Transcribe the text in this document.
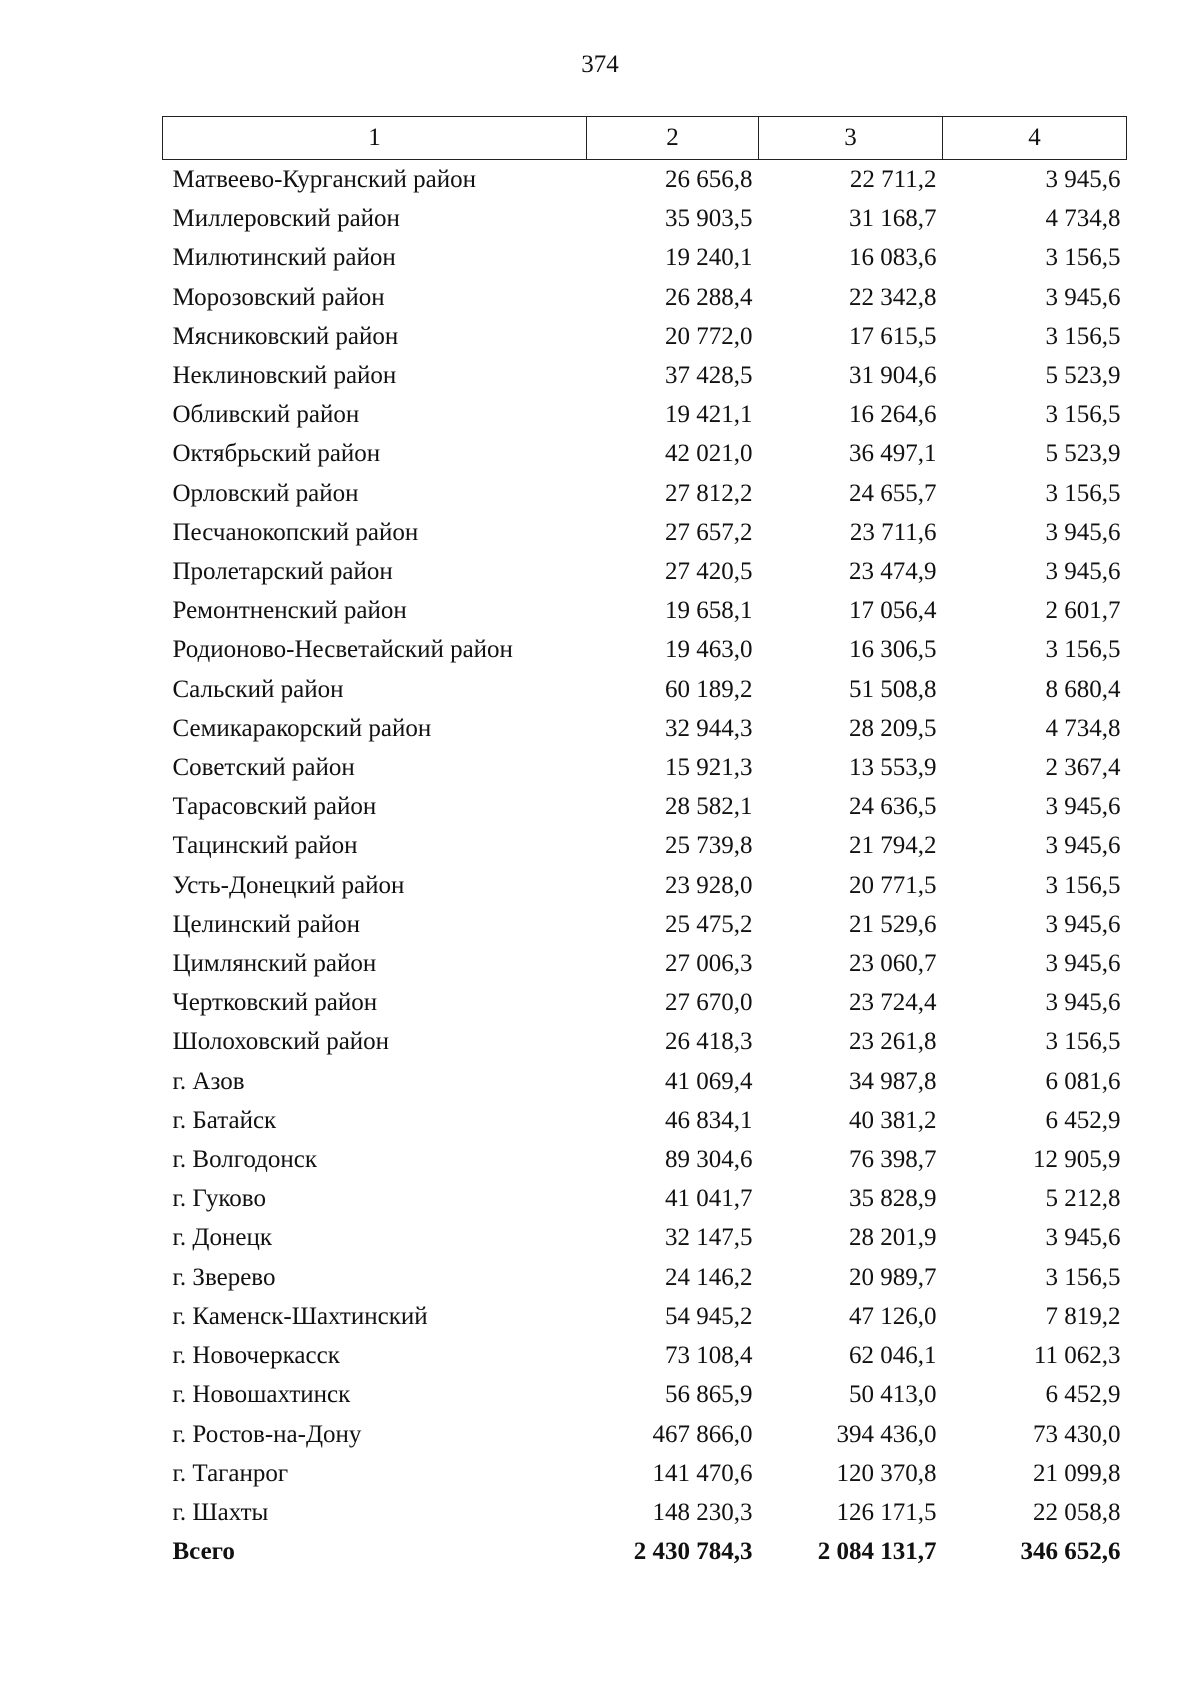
374
1	2	3	4
Матвеево-Курганский район	26 656,8	22 711,2	3 945,6
Миллеровский район	35 903,5	31 168,7	4 734,8
Милютинский район	19 240,1	16 083,6	3 156,5
Морозовский район	26 288,4	22 342,8	3 945,6
Мясниковский район	20 772,0	17 615,5	3 156,5
Неклиновский район	37 428,5	31 904,6	5 523,9
Обливский район	19 421,1	16 264,6	3 156,5
Октябрьский район	42 021,0	36 497,1	5 523,9
Орловский район	27 812,2	24 655,7	3 156,5
Песчанокопский район	27 657,2	23 711,6	3 945,6
Пролетарский район	27 420,5	23 474,9	3 945,6
Ремонтненский район	19 658,1	17 056,4	2 601,7
Родионово-Несветайский район	19 463,0	16 306,5	3 156,5
Сальский район	60 189,2	51 508,8	8 680,4
Семикаракорский район	32 944,3	28 209,5	4 734,8
Советский район	15 921,3	13 553,9	2 367,4
Тарасовский район	28 582,1	24 636,5	3 945,6
Тацинский район	25 739,8	21 794,2	3 945,6
Усть-Донецкий район	23 928,0	20 771,5	3 156,5
Целинский район	25 475,2	21 529,6	3 945,6
Цимлянский район	27 006,3	23 060,7	3 945,6
Чертковский район	27 670,0	23 724,4	3 945,6
Шолоховский район	26 418,3	23 261,8	3 156,5
г. Азов	41 069,4	34 987,8	6 081,6
г. Батайск	46 834,1	40 381,2	6 452,9
г. Волгодонск	89 304,6	76 398,7	12 905,9
г. Гуково	41 041,7	35 828,9	5 212,8
г. Донецк	32 147,5	28 201,9	3 945,6
г. Зверево	24 146,2	20 989,7	3 156,5
г. Каменск-Шахтинский	54 945,2	47 126,0	7 819,2
г. Новочеркасск	73 108,4	62 046,1	11 062,3
г. Новошахтинск	56 865,9	50 413,0	6 452,9
г. Ростов-на-Дону	467 866,0	394 436,0	73 430,0
г. Таганрог	141 470,6	120 370,8	21 099,8
г. Шахты	148 230,3	126 171,5	22 058,8
Всего	2 430 784,3	2 084 131,7	346 652,6
